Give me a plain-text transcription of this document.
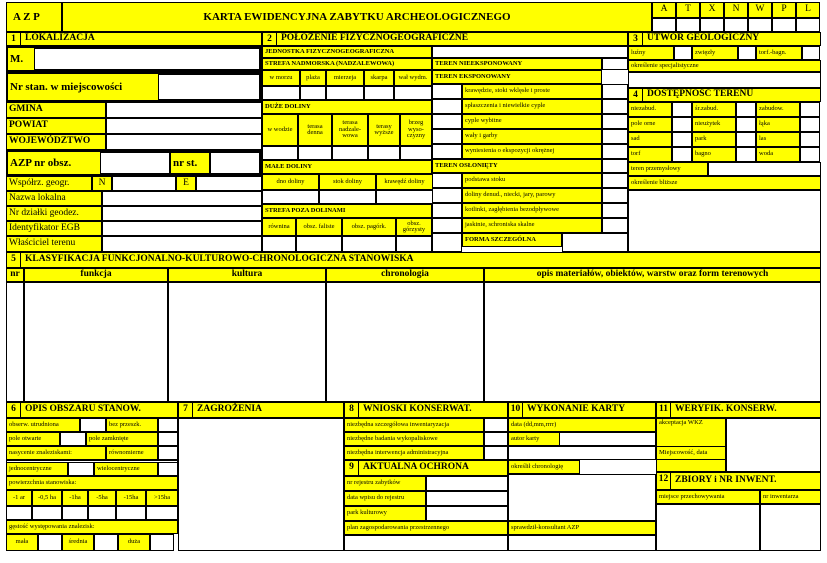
A Z P	KARTA EWIDENCYJNA ZABYTKU ARCHEOLOGICZNEGO
A	T	X	N	W	P	L
1 LOKALIZACJA
M.
Nr stan. w miejscowości
GMINA
POWIAT
WOJEWÓDZTWO
AZP nr obsz.	nr st.
Współrz. geogr.	N	E
Nazwa lokalna
Nr działki geodez.
Identyfikator EGB
Właściciel terenu
2 POŁOŻENIE FIZYCZNOGEOGRAFICZNE
JEDNOSTKA FIZYCZNOGEOGRAFICZNA
STREFA NADMORSKA (NADZALEWOWA)
w morzu	plaża	mierzeja	skarpa	wał wydm.
TEREN NIEEKSPONOWANY
TEREN EKSPONOWANY
krawędzie, stoki wklęsłe i proste
spłaszczenia i niewielkie cyple
cyple wybitne
wały i garby
wyniesienia o ekspozycji okrężnej
DUŻE DOLINY
w wodzie	terasa denna
terasa nadzale-wowa
terasy wyższe
brzeg wyso-czyzny
TEREN OSŁONIĘTY
podstawa stoku
doliny denud., niecki, jary, parowy
kotlinki, zagłębienia bezodpływowe
jaskinie, schroniska skalne
MAŁE DOLINY
dno doliny	stok doliny	krawędź doliny
STREFA POZA DOLINAMI
równina	obsz. faliste	obsz. pagórk.	obsz. górzysty
FORMA SZCZEGÓLNA
3 UTWÓR GEOLOGICZNY
luźny	zwięzły	torf.-bagn.
określenie specjalistyczne
4 DOSTĘPNOŚĆ TERENU
niezabud.	śr.zabud.	zabudow.
pole orne	nieużytek	łąka
sad	park	las
torf	bagno	woda
teren przemysłowy
określenie bliższe
5 KLASYFIKACJA FUNKCJONALNO-KULTUROWO-CHRONOLOGICZNA STANOWISKA
nr	funkcja	kultura	chronologia	opis materiałów, obiektów, warstw oraz form terenowych
6 OPIS OBSZARU STANOW.
obserw. utrudniona	bez przeszk.
pole otwarte	pole zamknięte
nasycenie znaleziskami:	równomierne
jednocentryczne	wielocentryczne
powierzchnia stanowiska:
-1 ar	-0,5 ha	-1ha	-5ha	-15ha	>15ha
gęstość występowania znalezisk:
mała	średnia	duża
7 ZAGROŻENIA	8 WNIOSKI KONSERWAT.
niezbędna szczegółowa inwentaryzacja
niezbędne badania wykopaliskowe
niezbędna interwencja administracyjna
9 AKTUALNA OCHRONA
nr rejestru zabytków
data wpisu do rejestru
park kulturowy
plan zagospodarowania przestrzennego
10 WYKONANIE KARTY
data (dd,mm,rrrr)
autor karty
określił chronologię
sprawdził-konsultant AZP
11 WERYFIK. KONSERW.
akceptacja WKZ
Miejscowość, data
12 ZBIORY i NR INWENT.
miejsce przechowywania	nr inwentarza
